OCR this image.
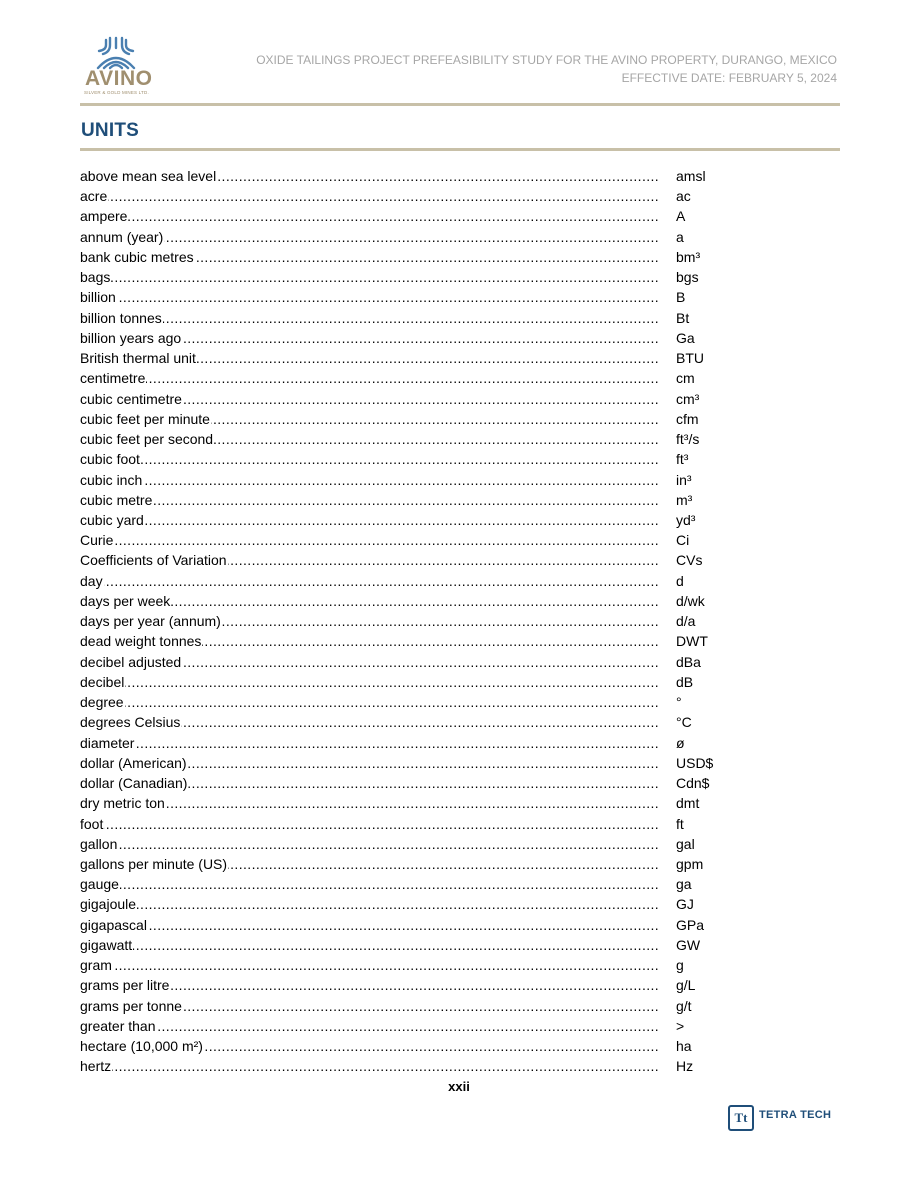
AVINO
SILVER & GOLD MINES LTD.
OXIDE TAILINGS PROJECT PREFEASIBILITY STUDY FOR THE AVINO PROPERTY, DURANGO, MEXICO
EFFECTIVE DATE: FEBRUARY 5, 2024
UNITS
above mean sea level .....	amsl
acre .....	ac
ampere .....	A
annum (year) .....	a
bank cubic metres .....	bm³
bags .....	bgs
billion .....	B
billion tonnes .....	Bt
billion years ago .....	Ga
British thermal unit .....	BTU
centimetre .....	cm
cubic centimetre .....	cm³
cubic feet per minute .....	cfm
cubic feet per second .....	ft³/s
cubic foot .....	ft³
cubic inch .....	in³
cubic metre .....	m³
cubic yard .....	yd³
Curie .....	Ci
Coefficients of Variation .....	CVs
day .....	d
days per week .....	d/wk
days per year (annum) .....	d/a
dead weight tonnes .....	DWT
decibel adjusted .....	dBa
decibel .....	dB
degree .....	°
degrees Celsius .....	°C
diameter .....	ø
dollar (American) .....	USD$
dollar (Canadian) .....	Cdn$
dry metric ton .....	dmt
foot .....	ft
gallon .....	gal
gallons per minute (US) .....	gpm
gauge .....	ga
gigajoule .....	GJ
gigapascal .....	GPa
gigawatt .....	GW
gram .....	g
grams per litre .....	g/L
grams per tonne .....	g/t
greater than .....	>
hectare (10,000 m²) .....	ha
hertz .....	Hz
xxii
Tt	TETRA TECH
